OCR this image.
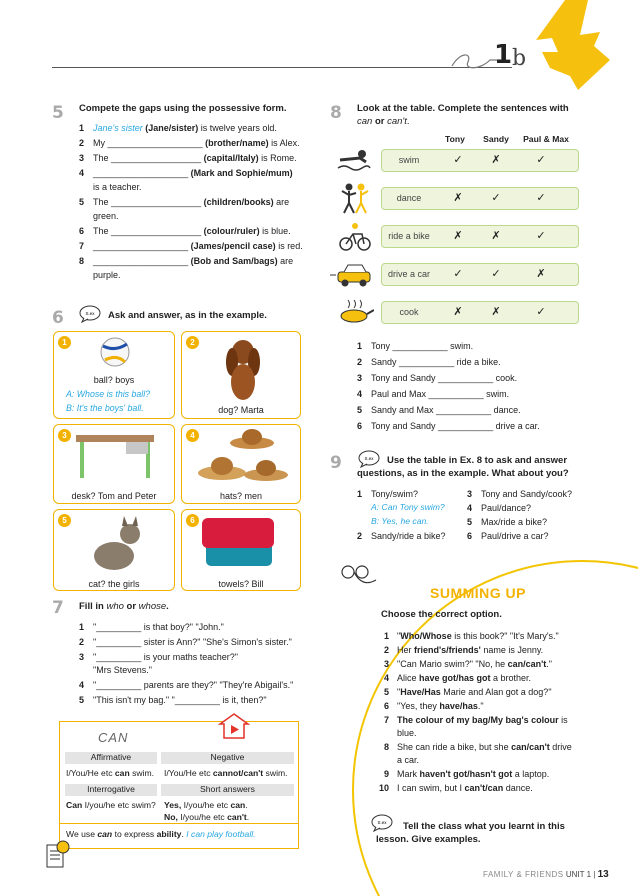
1 b
5 Compete the gaps using the possessive form.
1 Jane's sister (Jane/sister) is twelve years old.
2 My ___________________ (brother/name) is Alex.
3 The __________________ (capital/Italy) is Rome.
4 ___________________ (Mark and Sophie/mum)
is a teacher.
5 The __________________ (children/books) are
green.
6 The __________________ (colour/ruler) is blue.
7 ___________________ (James/pencil case) is red.
8 ___________________ (Bob and Sam/bags) are
purple.
6	S.ex Ask and answer, as in the example.
1
ball? boys
A: Whose is this ball?
B: It's the boys' ball.
2
dog? Marta
3
desk? Tom and Peter
4
hats? men
5
cat? the girls
6
towels? Bill
7 Fill in who or whose.
1 "_________ is that boy?" "John."
2 "_________ sister is Ann?" "She's Simon's sister."
3 "_________ is your maths teacher?"
"Mrs Stevens."
4 "_________ parents are they?" "They're Abigail's."
5 "This isn't my bag." "_________ is it, then?"
CAN
Affirmative	Negative
I/You/He etc can swim. I/You/He etc cannot/can't swim.
Interrogative	Short answers
Can I/you/he etc swim? Yes, I/you/he etc can.
No, I/you/he etc can't.
We use can to express ability. I can play football.
8 Look at the table. Complete the sentences with
can or can't.
Tony	Sandy	Paul & Max
swim	✓	✗	✓
dance	✗	✓	✓
ride a bike	✗	✗	✓
drive a car	✓	✓	✗
cook	✗	✗	✓
1 Tony ___________ swim.
2 Sandy ___________ ride a bike.
3 Tony and Sandy ___________ cook.
4 Paul and Max ___________ swim.
5 Sandy and Max ___________ dance.
6 Tony and Sandy ___________ drive a car.
9	S.ex Use the table in Ex. 8 to ask and answer
questions, as in the example. What about you?
1 Tony/swim?
A: Can Tony swim?
B: Yes, he can.
2 Sandy/ride a bike?
3 Tony and Sandy/cook?
4 Paul/dance?
5 Max/ride a bike?
6 Paul/drive a car?
SUMMING UP
Choose the correct option.
1 "Who/Whose is this book?" "It's Mary's."
2 Her friend's/friends' name is Jenny.
3 "Can Mario swim?" "No, he can/can't."
4 Alice have got/has got a brother.
5 "Have/Has Marie and Alan got a dog?"
6 "Yes, they have/has."
7 The colour of my bag/My bag's colour is
blue.
8 She can ride a bike, but she can/can't drive
a car.
9 Mark haven't got/hasn't got a laptop.
10 I can swim, but I can't/can dance.
S.ex Tell the class what you learnt in this
lesson. Give examples.
FAMILY & FRIENDS UNIT 1 | 13
